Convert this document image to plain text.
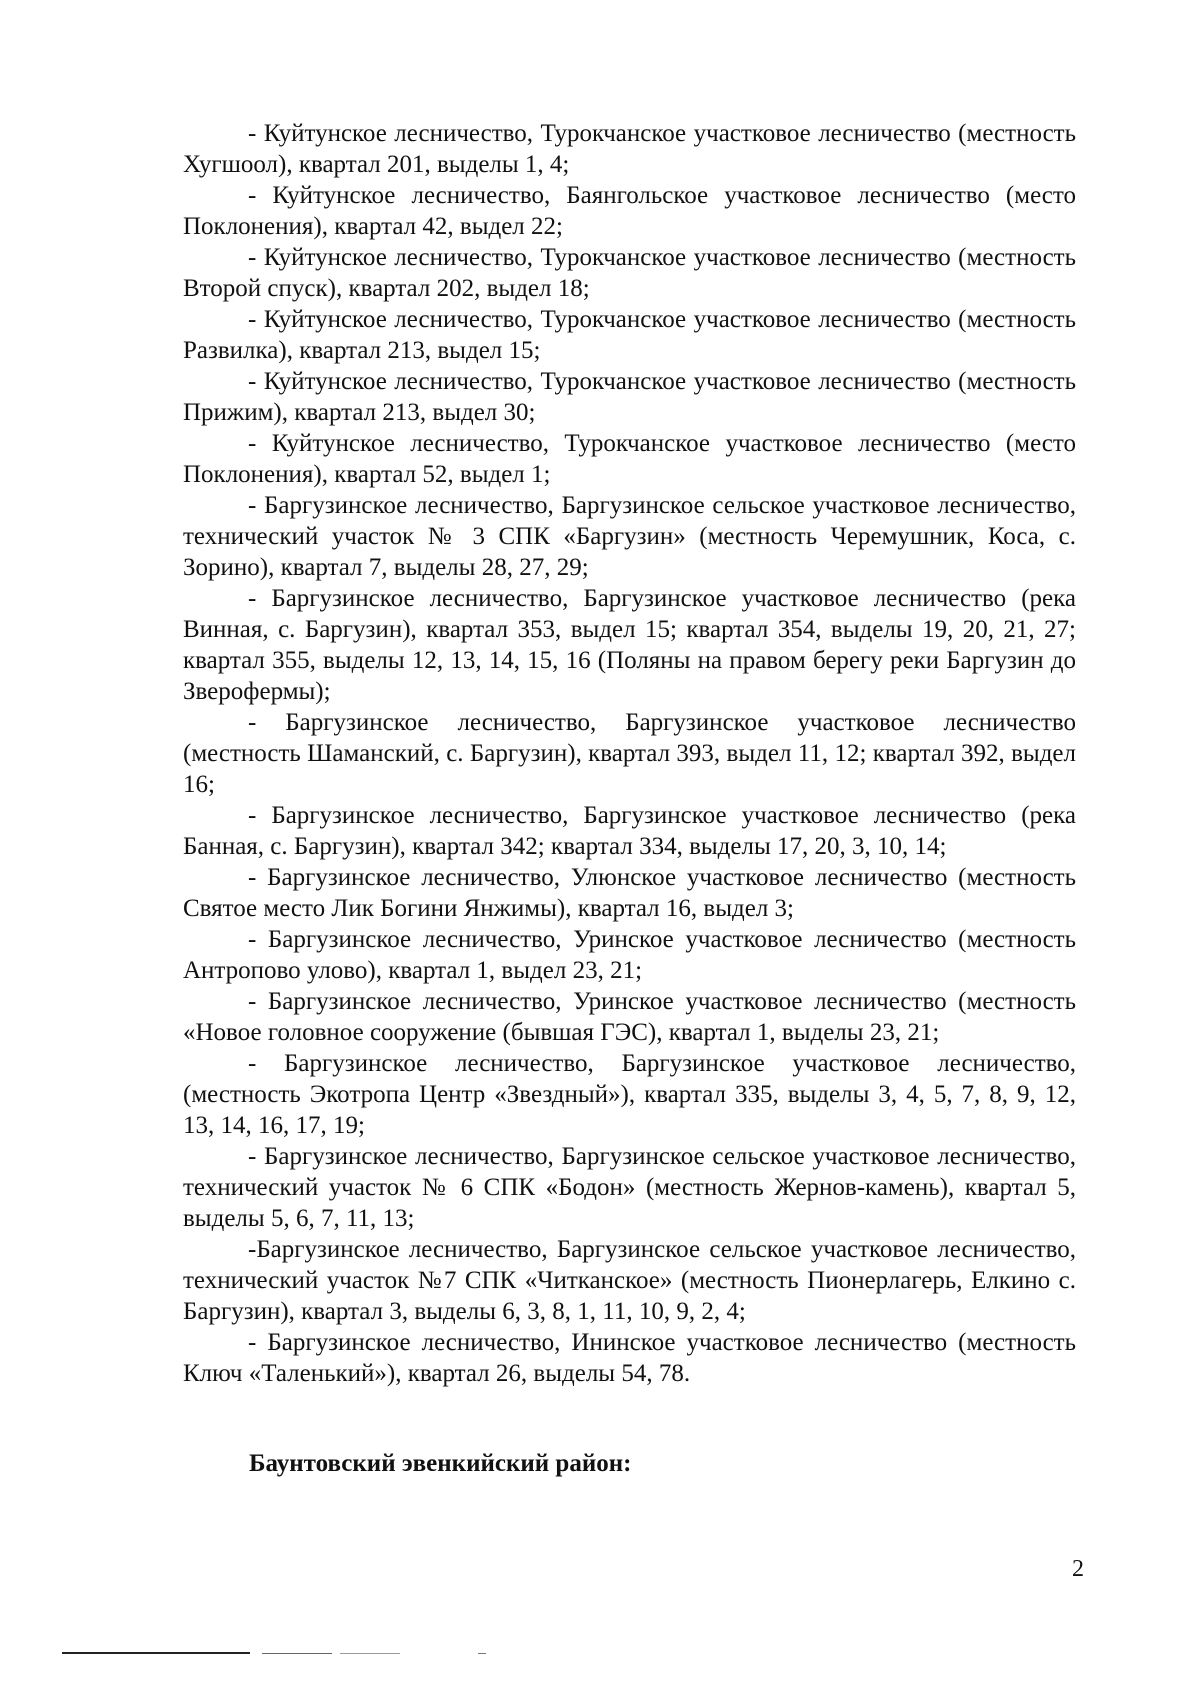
- Куйтунское лесничество, Турокчанское участковое лесничество (местность Хугшоол), квартал 201, выделы 1, 4;

- Куйтунское лесничество, Баянгольское участковое лесничество (место Поклонения), квартал 42, выдел 22;

- Куйтунское лесничество, Турокчанское участковое лесничество (местность Второй спуск), квартал 202, выдел 18;

- Куйтунское лесничество, Турокчанское участковое лесничество (местность Развилка), квартал 213, выдел 15;

- Куйтунское лесничество, Турокчанское участковое лесничество (местность Прижим), квартал 213, выдел 30;

- Куйтунское лесничество, Турокчанское участковое лесничество (место Поклонения), квартал 52, выдел 1;

- Баргузинское лесничество, Баргузинское сельское участковое лесничество, технический участок № 3 СПК «Баргузин» (местность Черемушник, Коса, с. Зорино), квартал 7, выделы 28, 27, 29;

- Баргузинское лесничество, Баргузинское участковое лесничество (река Винная, с. Баргузин), квартал 353, выдел 15; квартал 354, выделы 19, 20, 21, 27; квартал 355, выделы 12, 13, 14, 15, 16 (Поляны на правом берегу реки Баргузин до Зверофермы);

- Баргузинское лесничество, Баргузинское участковое лесничество (местность Шаманский, с. Баргузин), квартал 393, выдел 11, 12; квартал 392, выдел 16;

- Баргузинское лесничество, Баргузинское участковое лесничество (река Банная, с. Баргузин), квартал 342; квартал 334, выделы 17, 20, 3, 10, 14;

- Баргузинское лесничество, Улюнское участковое лесничество (местность Святое место Лик Богини Янжимы), квартал 16, выдел 3;

- Баргузинское лесничество, Уринское участковое лесничество (местность Антропово улово), квартал 1, выдел 23, 21;

- Баргузинское лесничество, Уринское участковое лесничество (местность «Новое головное сооружение (бывшая ГЭС), квартал 1, выделы 23, 21;

- Баргузинское лесничество, Баргузинское участковое лесничество, (местность Экотропа Центр «Звездный»), квартал 335, выделы 3, 4, 5, 7, 8, 9, 12, 13, 14, 16, 17, 19;

- Баргузинское лесничество, Баргузинское сельское участковое лесничество, технический участок № 6 СПК «Бодон» (местность Жернов-камень), квартал 5, выделы 5, 6, 7, 11, 13;

-Баргузинское лесничество, Баргузинское сельское участковое лесничество, технический участок №7 СПК «Читканское» (местность Пионерлагерь, Елкино с. Баргузин), квартал 3, выделы 6, 3, 8, 1, 11, 10, 9, 2, 4;

- Баргузинское лесничество, Ининское участковое лесничество (местность Ключ «Таленький»), квартал 26, выделы 54, 78.

Баунтовский эвенкийский район:

2
